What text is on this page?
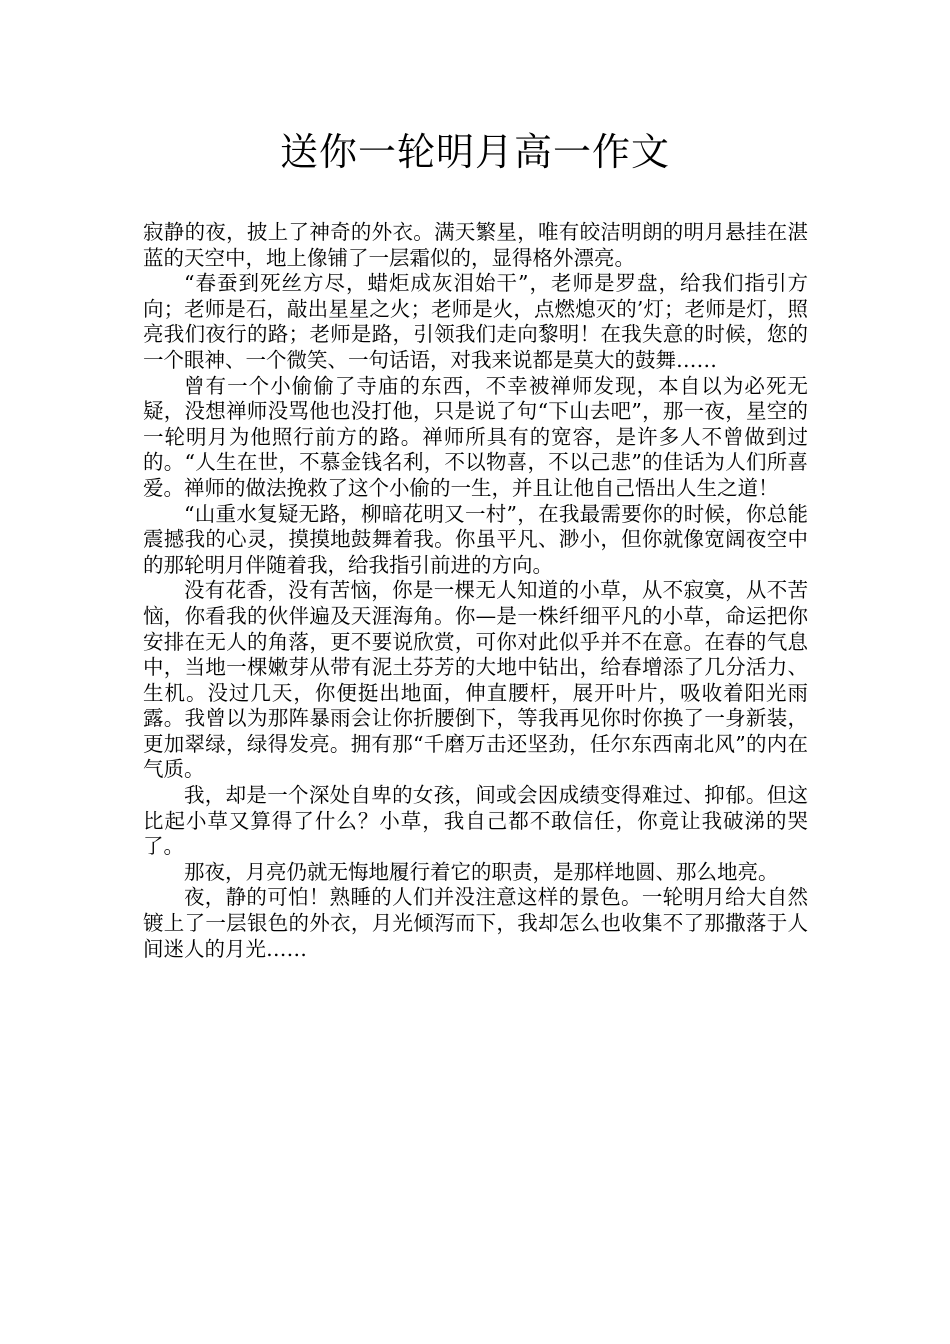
送你一轮明月高一作文

寂静的夜，披上了神奇的外衣。满天繁星，唯有皎洁明朗的明月悬挂在湛蓝的天空中，地上像铺了一层霜似的，显得格外漂亮。

“春蚕到死丝方尽，蜡炬成灰泪始干”，老师是罗盘，给我们指引方向；老师是石，敲出星星之火；老师是火，点燃熄灭的’灯；老师是灯，照亮我们夜行的路；老师是路，引领我们走向黎明！在我失意的时候，您的一个眼神、一个微笑、一句话语，对我来说都是莫大的鼓舞……

曾有一个小偷偷了寺庙的东西，不幸被禅师发现，本自以为必死无疑，没想禅师没骂他也没打他，只是说了句“下山去吧”，那一夜，星空的一轮明月为他照行前方的路。禅师所具有的宽容，是许多人不曾做到过的。“人生在世，不慕金钱名利，不以物喜，不以己悲”的佳话为人们所喜爱。禅师的做法挽救了这个小偷的一生，并且让他自己悟出人生之道！

“山重水复疑无路，柳暗花明又一村”，在我最需要你的时候，你总能震撼我的心灵，摸摸地鼓舞着我。你虽平凡、渺小，但你就像宽阔夜空中的那轮明月伴随着我，给我指引前进的方向。

没有花香，没有苦恼，你是一棵无人知道的小草，从不寂寞，从不苦恼，你看我的伙伴遍及天涯海角。你—是一株纤细平凡的小草，命运把你安排在无人的角落，更不要说欣赏，可你对此似乎并不在意。在春的气息中，当地一棵嫩芽从带有泥土芬芳的大地中钻出，给春增添了几分活力、生机。没过几天，你便挺出地面，伸直腰杆，展开叶片，吸收着阳光雨露。我曾以为那阵暴雨会让你折腰倒下，等我再见你时你换了一身新装，更加翠绿，绿得发亮。拥有那“千磨万击还坚劲，任尔东西南北风”的内在气质。

我，却是一个深处自卑的女孩，间或会因成绩变得难过、抑郁。但这比起小草又算得了什么？小草，我自己都不敢信任，你竟让我破涕的哭了。

那夜，月亮仍就无悔地履行着它的职责，是那样地圆、那么地亮。

夜，静的可怕！熟睡的人们并没注意这样的景色。一轮明月给大自然镀上了一层银色的外衣，月光倾泻而下，我却怎么也收集不了那撒落于人间迷人的月光……
